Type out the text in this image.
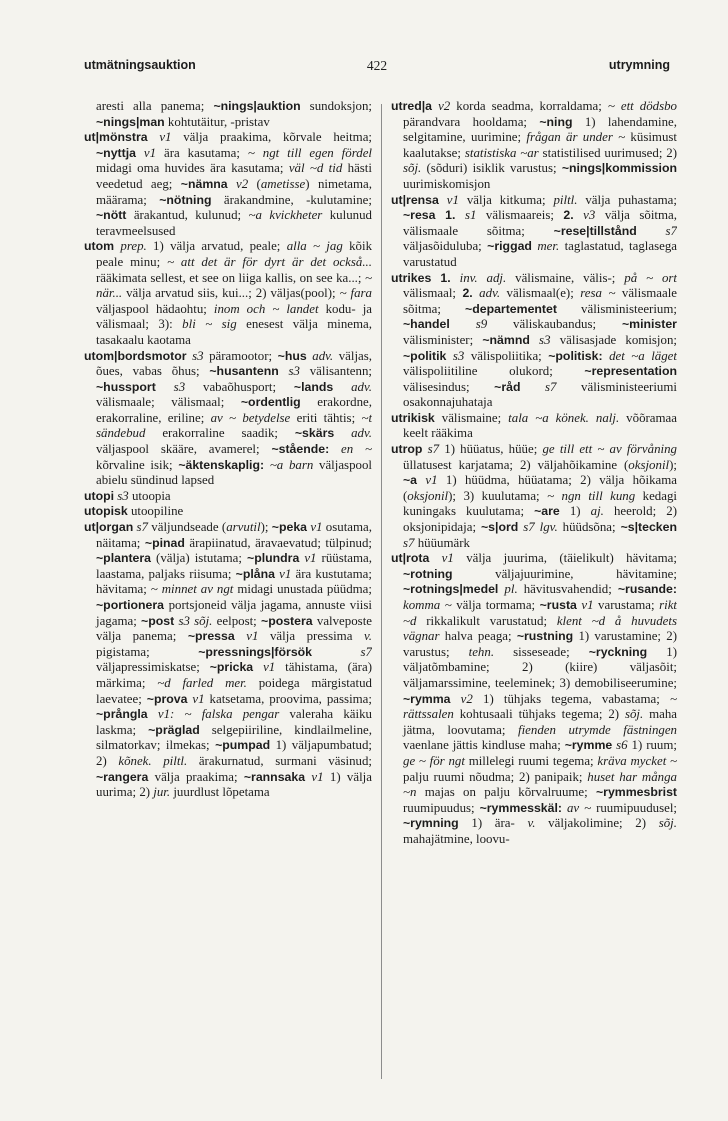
utmätningsauktion	422	utrymning

aresti alla panema; ~nings|auktion sundoksjon; ~nings|man kohtutäitur, -pristav

ut|mönstra v1 välja praakima, kõrvale heitma; ~nyttja v1 ära kasutama; ~ ngt till egen fördel midagi oma huvides ära kasutama; väl ~d tid hästi veedetud aeg; ~nämna v2 (ametisse) nimetama, määrama; ~nötning ärakandmine, -kulutamine; ~nött ärakantud, kulunud; ~a kvickheter kulunud teravmeelsused

utom prep. 1) välja arvatud, peale; alla ~ jag kõik peale minu; ~ att det är för dyrt är det också... rääkimata sellest, et see on liiga kallis, on see ka...; ~ när... välja arvatud siis, kui...; 2) väljas(pool); ~ fara väljaspool hädaohtu; inom och ~ landet kodu- ja välismaal; 3): bli ~ sig enesest välja minema, tasakaalu kaotama

utom|bordsmotor s3 päramootor; ~hus adv. väljas, õues, vabas õhus; ~husantenn s3 välisantenn; ~hussport s3 vabaõhusport; ~lands adv. välismaale; välismaal; ~ordentlig erakordne, erakorraline, eriline; av ~ betydelse eriti tähtis; ~t sändebud erakorraline saadik; ~skärs adv. väljaspool skääre, avamerel; ~stående: en ~ kõrvaline isik; ~äktenskaplig: ~a barn väljaspool abielu sündinud lapsed

utopi s3 utoopia

utopisk utoopiline

ut|organ s7 väljundseade (arvutil); ~peka v1 osutama, näitama; ~pinad ärapiinatud, äravaevatud; tülpinud; ~plantera (välja) istutama; ~plundra v1 rüüstama, laastama, paljaks riisuma; ~plåna v1 ära kustutama; hävitama; ~ minnet av ngt midagi unustada püüdma; ~portionera portsjoneid välja jagama, annuste viisi jagama; ~post s3 sõj. eelpost; ~postera valveposte välja panema; ~pressa v1 välja pressima v. pigistama; ~pressnings|försök	s7 väljapressimiskatse; ~pricka v1 tähistama, (ära) märkima; ~d farled mer. poidega märgistatud laevatee; ~prova v1 katsetama, proovima, passima; ~prångla v1: ~ falska pengar valeraha käiku laskma; ~präglad selgepiiriline, kindlailmeline, silmatorkav; ilmekas; ~pumpad 1) väljapumbatud; 2) kõnek. piltl. ärakurnatud, surmani väsinud; ~rangera välja praakima; ~rannsaka v1 1) välja uurima; 2) jur. juurdlust lõpetama

utred|a v2 korda seadma, korraldama; ~ ett dödsbo pärandvara hooldama; ~ning 1) lahendamine, selgitamine, uurimine; frågan är under ~ küsimust kaalutakse; statistiska ~ar statistilised uurimused; 2) sõj. (sõduri) isiklik varustus; ~nings|kommission uurimiskomisjon

ut|rensa v1 välja kitkuma; piltl. välja puhastama; ~resa 1. s1 välismaareis; 2. v3 välja sõitma, välismaale sõitma; ~rese|tillstånd s7 väljasõiduluba; ~riggad mer. taglastatud, taglasega varustatud

utrikes 1. inv. adj. välismaine, välis-; på ~ ort välismaal; 2. adv. välismaal(e); resa ~ välismaale sõitma; ~departementet välisministeerium; ~handel s9 väliskaubandus; ~minister välisminister; ~nämnd s3 välisasjade komisjon; ~politik s3 välispoliitika; ~politisk: det ~a läget välispoliitiline olukord; ~representation välisesindus; ~råd s7 välisministeeriumi osakonnajuhataja

utrikisk välismaine; tala ~a könek. nalj. võõramaa keelt rääkima

utrop s7 1) hüüatus, hüüe; ge till ett ~ av förvåning üllatusest karjatama; 2) väljahõikamine (oksjonil); ~a v1 1) hüüdma, hüüatama; 2) välja hõikama (oksjonil); 3) kuulutama; ~ ngn till kung kedagi kuningaks kuulutama; ~are 1) aj. heerold; 2) oksjonipidaja; ~s|ord s7 lgv. hüüdsõna; ~s|tecken s7 hüüumärk

ut|rota v1 välja juurima, (täielikult) hävitama; ~rotning väljajuurimine, hävitamine; ~rotnings|medel pl. hävitusvahendid; ~rusande: komma ~ välja tormama; ~rusta v1 varustama; rikt ~d rikkalikult varustatud; klent ~d å huvudets vägnar halva peaga; ~rustning 1) varustamine; 2) varustus; tehn. sisseseade; ~ryckning 1) väljatõmbamine; 2) (kiire) väljasõit; väljamarssimine, teeleminek; 3) demobiliseerumine; ~rymma v2 1) tühjaks tegema, vabastama; ~ rättssalen kohtusaali tühjaks tegema; 2) sõj. maha jätma, loovutama; fienden utrymde fästningen vaenlane jättis kindluse maha; ~rymme s6 1) ruum; ge ~ för ngt millelegi ruumi tegema; kräva mycket ~ palju ruumi nõudma; 2) panipaik; huset har många ~n majas on palju kõrvalruume; ~rymmesbrist ruumipuudus; ~rymmesskäl: av ~ ruumipuudusel; ~rymning 1) ära- v. väljakolimine; 2) sõj. mahajätmine, loovu-
